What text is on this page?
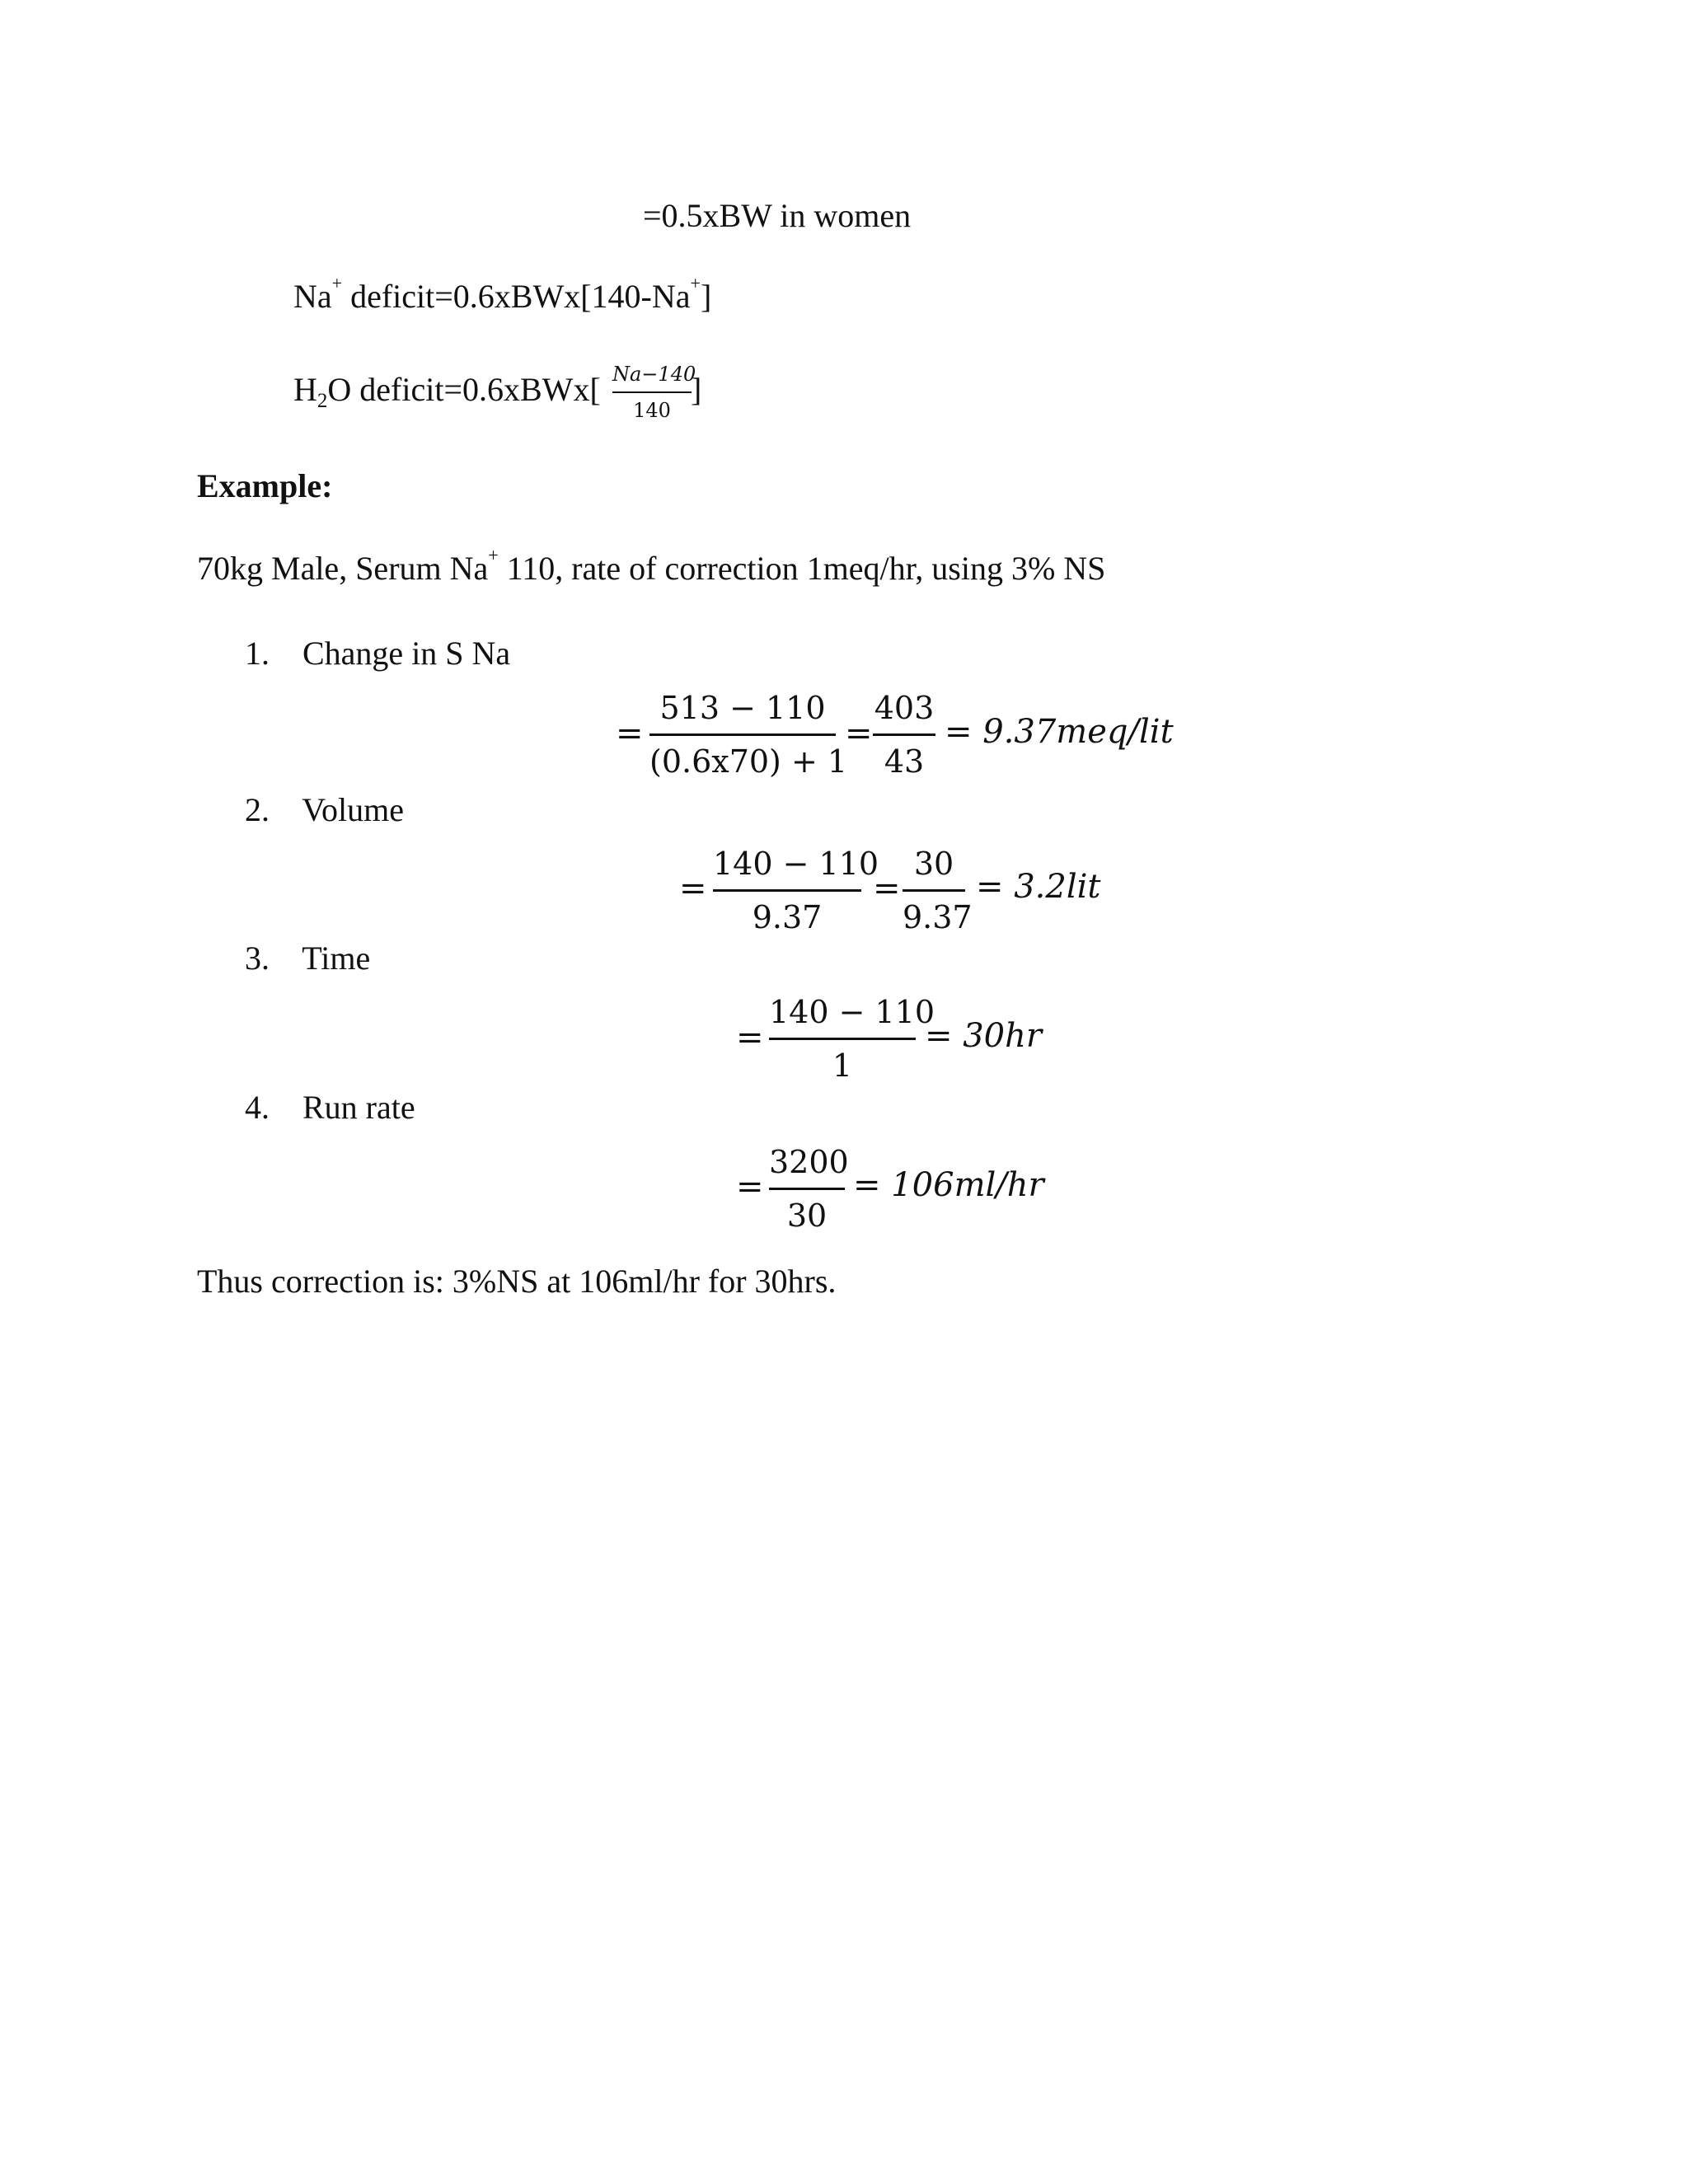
=0.5xBW in women
Na+ deficit=0.6xBWx[140-Na+]
$H_2O$ deficit=0.6xBWx[ Na−140
140
]
Example:
70kg Male, Serum Na+ 110, rate of correction 1meq/hr, using 3% NS
1. Change in S Na
=
513 − 110
(0.6x70) + 1
=
403
43
= 9.37meq/lit
2. Volume
=
140 − 110
9.37
=
30
9.37
= 3.2lit
3. Time
=
140 − 110
1
= 30hr
4. Run rate
=
3200
30
= 106ml/hr
Thus correction is: 3%NS at 106ml/hr for 30hrs.
